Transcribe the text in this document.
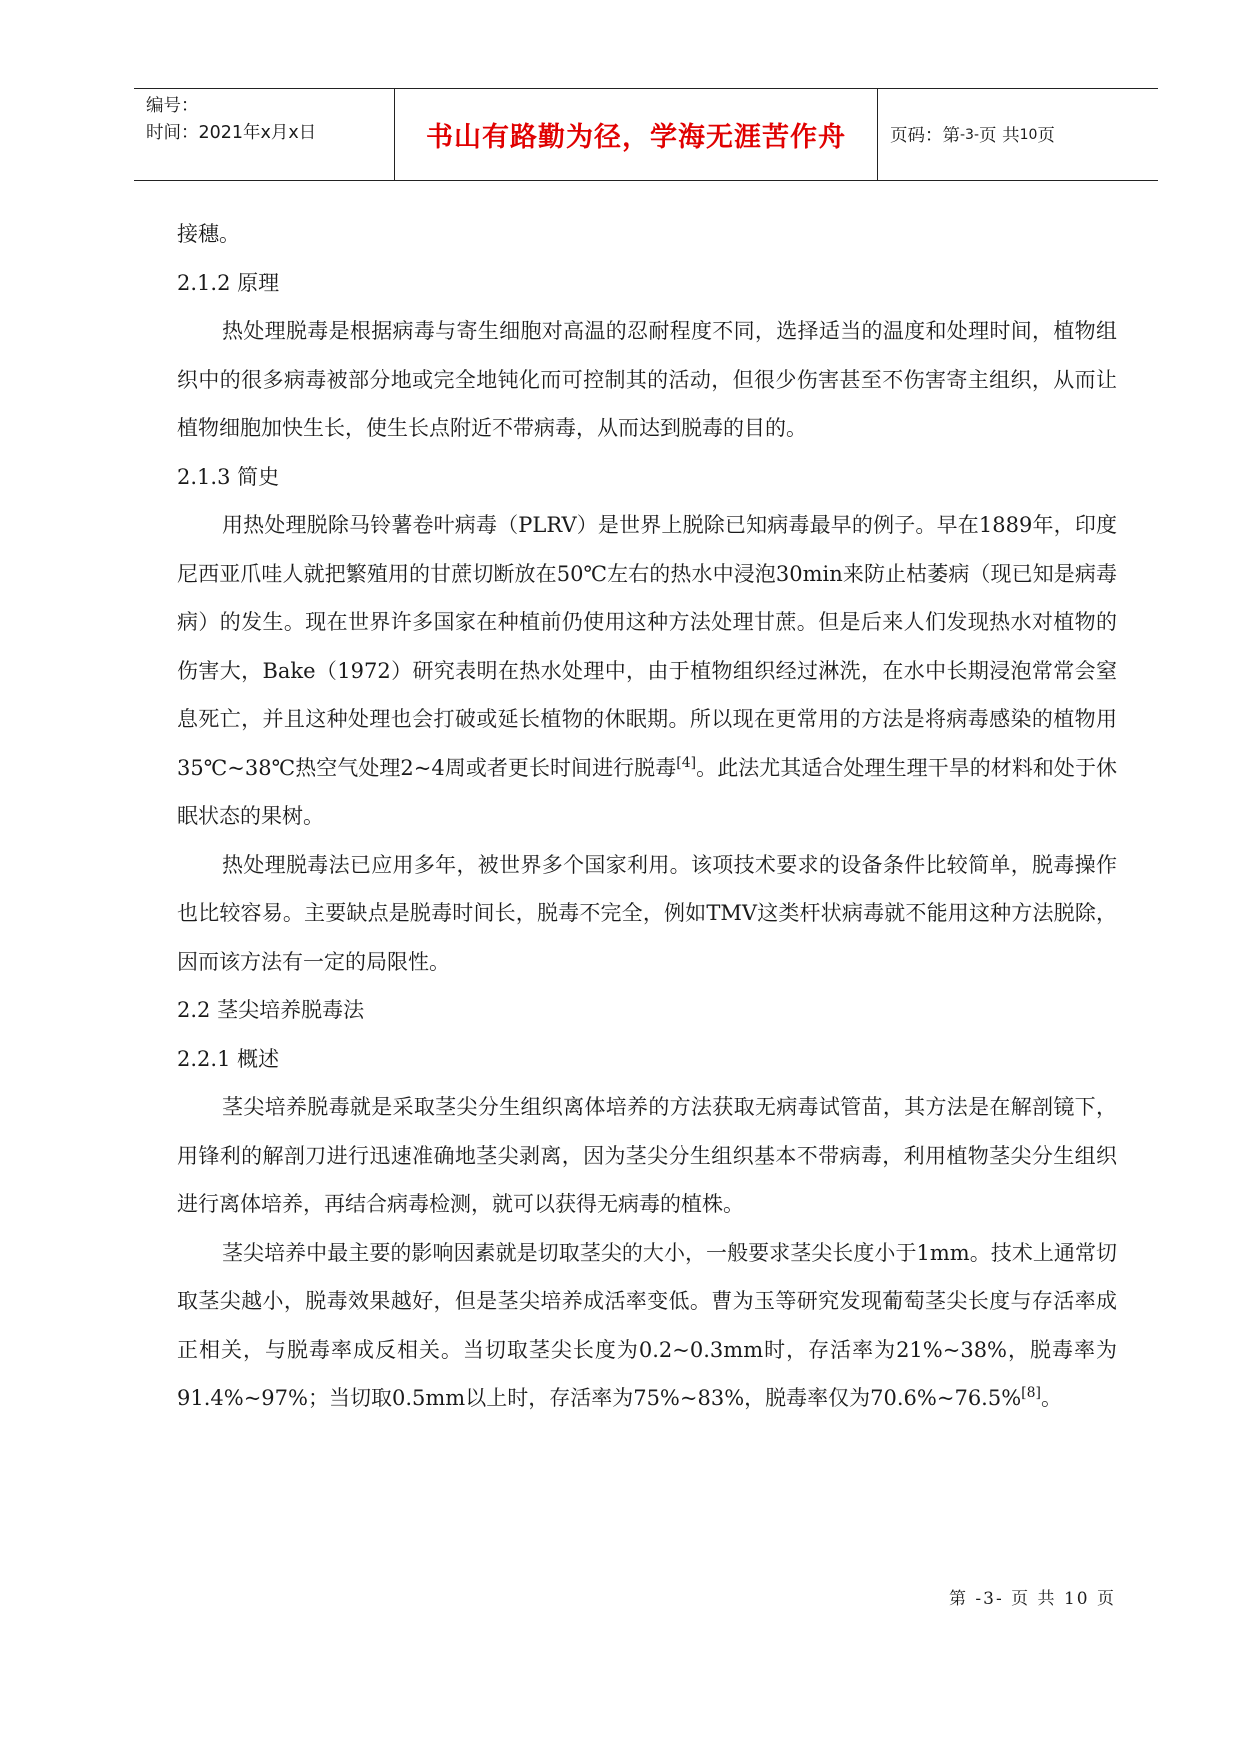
编号：
时间：2021年x月x日	书山有路勤为径，学海无涯苦作舟	页码：第 -3- 页 共 10 页

接穗。

2.1.2 原理

热处理脱毒是根据病毒与寄生细胞对高温的忍耐程度不同，选择适当的温度和处理时间，植物组织中的很多病毒被部分地或完全地钝化而可控制其的活动，但很少伤害甚至不伤害寄主组织，从而让植物细胞加快生长，使生长点附近不带病毒，从而达到脱毒的目的。

2.1.3 简史

用热处理脱除马铃薯卷叶病毒（PLRV）是世界上脱除已知病毒最早的例子。早在1889年，印度尼西亚爪哇人就把繁殖用的甘蔗切断放在50℃左右的热水中浸泡30min来防止枯萎病（现已知是病毒病）的发生。现在世界许多国家在种植前仍使用这种方法处理甘蔗。但是后来人们发现热水对植物的伤害大，Bake（1972）研究表明在热水处理中，由于植物组织经过淋洗，在水中长期浸泡常常会窒息死亡，并且这种处理也会打破或延长植物的休眠期。所以现在更常用的方法是将病毒感染的植物用35℃~38℃热空气处理2~4周或者更长时间进行脱毒[4]。此法尤其适合处理生理干旱的材料和处于休眠状态的果树。

热处理脱毒法已应用多年，被世界多个国家利用。该项技术要求的设备条件比较简单，脱毒操作也比较容易。主要缺点是脱毒时间长，脱毒不完全，例如TMV这类杆状病毒就不能用这种方法脱除，因而该方法有一定的局限性。

2.2 茎尖培养脱毒法

2.2.1 概述

茎尖培养脱毒就是采取茎尖分生组织离体培养的方法获取无病毒试管苗，其方法是在解剖镜下，用锋利的解剖刀进行迅速准确地茎尖剥离，因为茎尖分生组织基本不带病毒，利用植物茎尖分生组织进行离体培养，再结合病毒检测，就可以获得无病毒的植株。

茎尖培养中最主要的影响因素就是切取茎尖的大小，一般要求茎尖长度小于1mm。技术上通常切取茎尖越小，脱毒效果越好，但是茎尖培养成活率变低。曹为玉等研究发现葡萄茎尖长度与存活率成正相关，与脱毒率成反相关。当切取茎尖长度为0.2~0.3mm时，存活率为21%~38%，脱毒率为91.4%~97%；当切取0.5mm以上时，存活率为75%~83%，脱毒率仅为70.6%~76.5%[8]。

第 -3- 页 共 10 页
